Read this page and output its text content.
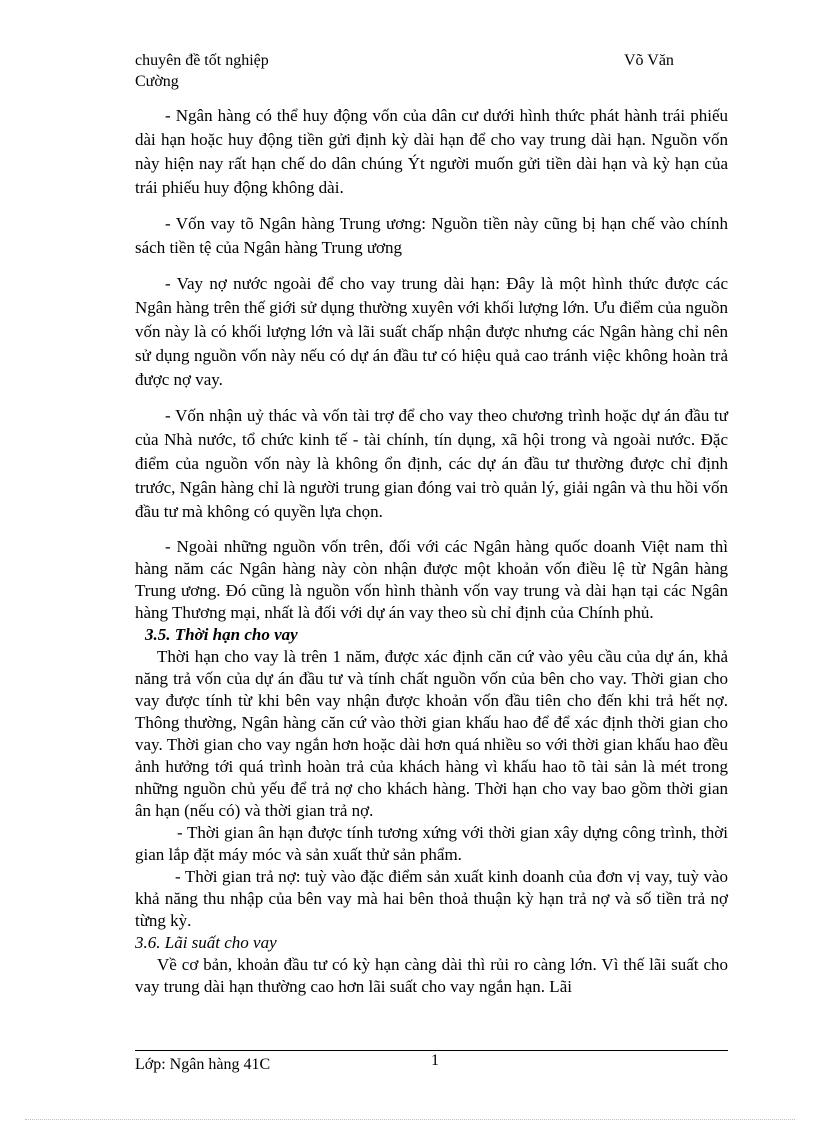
chuyên đề tốt nghiệp	Võ Văn
Cường

- Ngân hàng có thể huy động vốn của dân cư dưới hình thức phát hành trái phiếu dài hạn hoặc huy động tiền gửi định kỳ dài hạn để cho vay trung dài hạn. Nguồn vốn này hiện nay rất hạn chế do dân chúng Ýt người muốn gửi tiền dài hạn và kỳ hạn của trái phiếu huy động không dài.

- Vốn vay tõ Ngân hàng Trung ương: Nguồn tiền này cũng bị hạn chế vào chính sách tiền tệ của Ngân hàng Trung ương

- Vay nợ nước ngoài để cho vay trung dài hạn: Đây là một hình thức được các Ngân hàng trên thế giới sử dụng thường xuyên với khối lượng lớn. Ưu điểm của nguồn vốn này là có khối lượng lớn và lãi suất chấp nhận được nhưng các Ngân hàng chỉ nên sử dụng nguồn vốn này nếu có dự án đầu tư có hiệu quả cao tránh việc không hoàn trả được nợ vay.

- Vốn nhận uỷ thác và vốn tài trợ để cho vay theo chương trình hoặc dự án đầu tư của Nhà nước, tổ chức kinh tế - tài chính, tín dụng, xã hội trong và ngoài nước. Đặc điểm của nguồn vốn này là không ổn định, các dự án đầu tư thường được chỉ định trước, Ngân hàng chỉ là người trung gian đóng vai trò quản lý, giải ngân và thu hồi vốn đầu tư mà không có quyền lựa chọn.

- Ngoài những nguồn vốn trên, đối với các Ngân hàng quốc doanh Việt nam thì hàng năm các Ngân hàng này còn nhận được một khoản vốn điều lệ từ Ngân hàng Trung ương. Đó cũng là nguồn vốn hình thành vốn vay trung và dài hạn tại các Ngân hàng Thương mại, nhất là đối với dự án vay theo sù chỉ định của Chính phủ.

3.5. Thời hạn cho vay

Thời hạn cho vay là trên 1 năm, được xác định căn cứ vào yêu cầu của dự án, khả năng trả vốn của dự án đầu tư và tính chất nguồn vốn của bên cho vay. Thời gian cho vay được tính từ khi bên vay nhận được khoản vốn đầu tiên cho đến khi trả hết nợ. Thông thường, Ngân hàng căn cứ vào thời gian khấu hao để để xác định thời gian cho vay. Thời gian cho vay ngắn hơn hoặc dài hơn quá nhiều so với thời gian khấu hao đều ảnh hưởng tới quá trình hoàn trả của khách hàng vì khấu hao tõ tài sản là mét trong những nguồn chủ yếu để trả nợ cho khách hàng. Thời hạn cho vay bao gồm thời gian ân hạn (nếu có) và thời gian trả nợ.

- Thời gian ân hạn được tính tương xứng với thời gian xây dựng công trình, thời gian lắp đặt máy móc và sản xuất thử sản phẩm.

- Thời gian trả nợ: tuỳ vào đặc điểm sản xuất kinh doanh của đơn vị vay, tuỳ vào khả năng thu nhập của bên vay mà hai bên thoả thuận kỳ hạn trả nợ và số tiền trả nợ từng kỳ.

3.6. Lãi suất cho vay

Về cơ bản, khoản đầu tư có kỳ hạn càng dài thì rủi ro càng lớn. Vì thế lãi suất cho vay trung dài hạn thường cao hơn lãi suất cho vay ngắn hạn. Lãi

Lớp: Ngân hàng 41C	1
